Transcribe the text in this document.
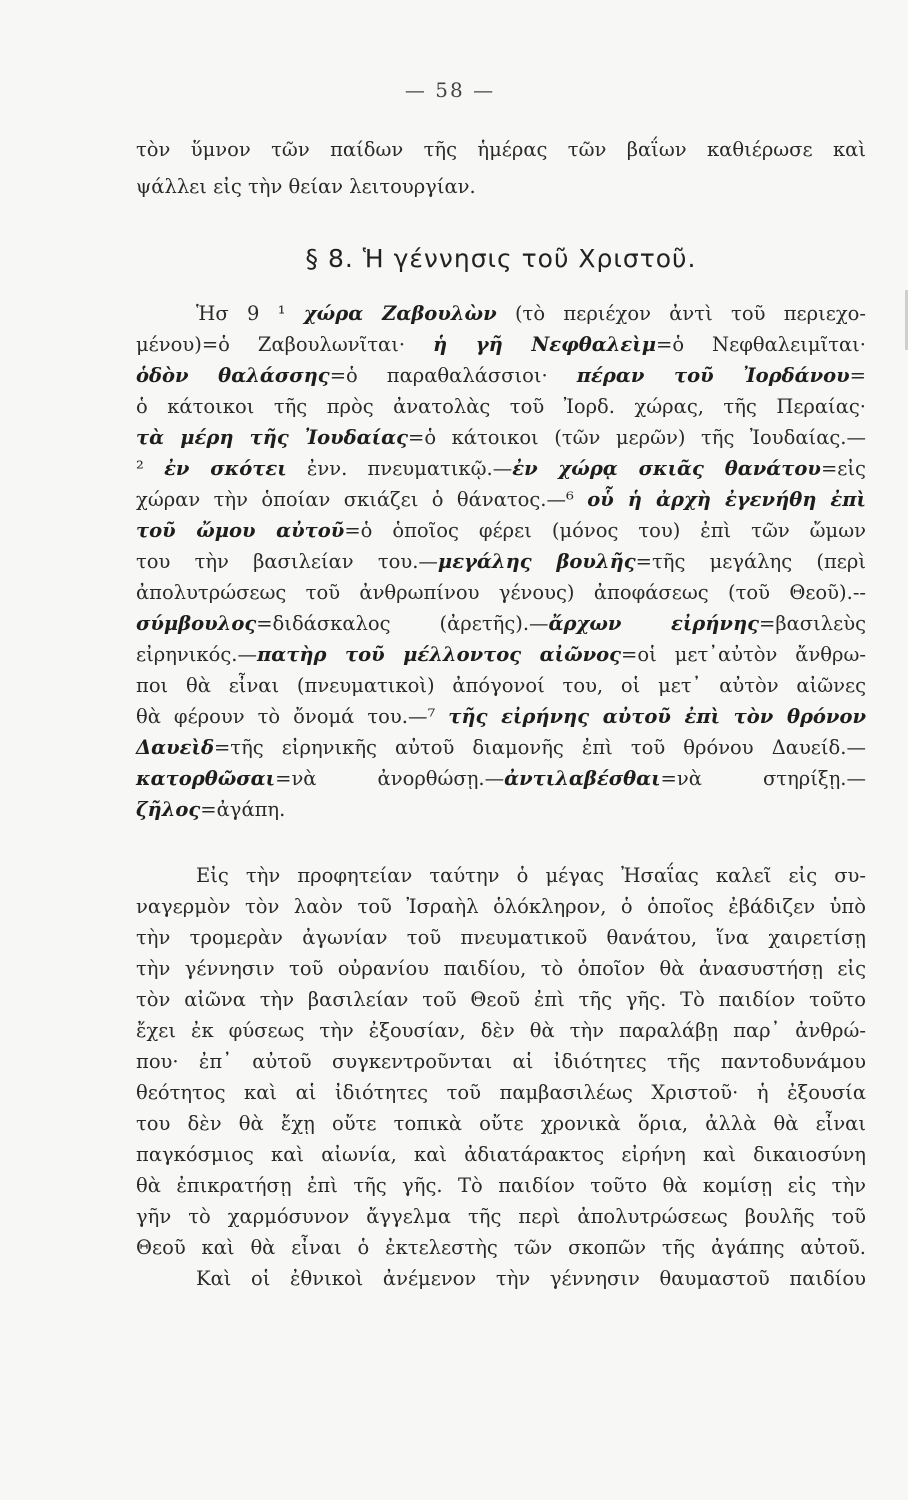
— 58 —
τὸν ὕμνον τῶν παίδων τῆς ἡμέρας τῶν βαΐων καθιέρωσε καὶ
ψάλλει εἰς τὴν θείαν λειτουργίαν.
§ 8. Ἡ γέννησις τοῦ Χριστοῦ.
Ἡσ 9 ¹ χώρα Ζαβουλὼν (τὸ περιέχον ἀντὶ τοῦ περιεχο-
μένου)=ὁ Ζαβουλωνῖται· ἡ γῆ Νεφθαλεὶμ=ὁ Νεφθαλειμῖται·
ὁδὸν θαλάσσης=ὁ παραθαλάσσιοι· πέραν τοῦ Ἰορδάνου=
ὁ κάτοικοι τῆς πρὸς ἀνατολὰς τοῦ Ἰορδ. χώρας, τῆς Περαίας·
τὰ μέρη τῆς Ἰουδαίας=ὁ κάτοικοι (τῶν μερῶν) τῆς Ἰουδαίας.—
² ἐν σκότει ἐνν. πνευματικῷ.—ἐν χώρᾳ σκιᾶς θανάτου=εἰς
χώραν τὴν ὁποίαν σκιάζει ὁ θάνατος.—⁶ οὗ ἡ ἀρχὴ ἐγενήθη ἐπὶ
τοῦ ὤμου αὐτοῦ=ὁ ὁποῖος φέρει (μόνος του) ἐπὶ τῶν ὤμων
του τὴν βασιλείαν του.—μεγάλης βουλῆς=τῆς μεγάλης (περὶ
ἀπολυτρώσεως τοῦ ἀνθρωπίνου γένους) ἀποφάσεως (τοῦ Θεοῦ).--
σύμβουλος=διδάσκαλος (ἀρετῆς).—ἄρχων εἰρήνης=βασιλεὺς
εἰρηνικός.—πατὴρ τοῦ μέλλοντος αἰῶνος=οἱ μετ᾽αὐτὸν ἄνθρω-
ποι θὰ εἶναι (πνευματικοὶ) ἀπόγονοί του, οἱ μετ᾽ αὐτὸν αἰῶνες
θὰ φέρουν τὸ ὄνομά του.—⁷ τῆς εἰρήνης αὐτοῦ ἐπὶ τὸν θρόνον
Δαυεὶδ=τῆς εἰρηνικῆς αὐτοῦ διαμονῆς ἐπὶ τοῦ θρόνου Δαυείδ.—
κατορθῶσαι=νὰ ἀνορθώσῃ.—ἀντιλαβέσθαι=νὰ στηρίξῃ.—
ζῆλος=ἀγάπη.
Εἰς τὴν προφητείαν ταύτην ὁ μέγας Ἠσαΐας καλεῖ εἰς συ-
ναγερμὸν τὸν λαὸν τοῦ Ἰσραὴλ ὁλόκληρον, ὁ ὁποῖος ἐβάδιζεν ὑπὸ
τὴν τρομερὰν ἀγωνίαν τοῦ πνευματικοῦ θανάτου, ἵνα χαιρετίσῃ
τὴν γέννησιν τοῦ οὐρανίου παιδίου, τὸ ὁποῖον θὰ ἀνασυστήσῃ εἰς
τὸν αἰῶνα τὴν βασιλείαν τοῦ Θεοῦ ἐπὶ τῆς γῆς. Τὸ παιδίον τοῦτο
ἔχει ἐκ φύσεως τὴν ἐξουσίαν, δὲν θὰ τὴν παραλάβῃ παρ᾽ ἀνθρώ-
που· ἐπ᾽ αὐτοῦ συγκεντροῦνται αἱ ἰδιότητες τῆς παντοδυνάμου
θεότητος καὶ αἱ ἰδιότητες τοῦ παμβασιλέως Χριστοῦ· ἡ ἐξουσία
του δὲν θὰ ἔχῃ οὔτε τοπικὰ οὔτε χρονικὰ ὅρια, ἀλλὰ θὰ εἶναι
παγκόσμιος καὶ αἰωνία, καὶ ἀδιατάρακτος εἰρήνη καὶ δικαιοσύνη
θὰ ἐπικρατήσῃ ἐπὶ τῆς γῆς. Τὸ παιδίον τοῦτο θὰ κομίσῃ εἰς τὴν
γῆν τὸ χαρμόσυνον ἄγγελμα τῆς περὶ ἀπολυτρώσεως βουλῆς τοῦ
Θεοῦ καὶ θὰ εἶναι ὁ ἐκτελεστὴς τῶν σκοπῶν τῆς ἀγάπης αὐτοῦ.
Καὶ οἱ ἐθνικοὶ ἀνέμενον τὴν γέννησιν θαυμαστοῦ παιδίου
